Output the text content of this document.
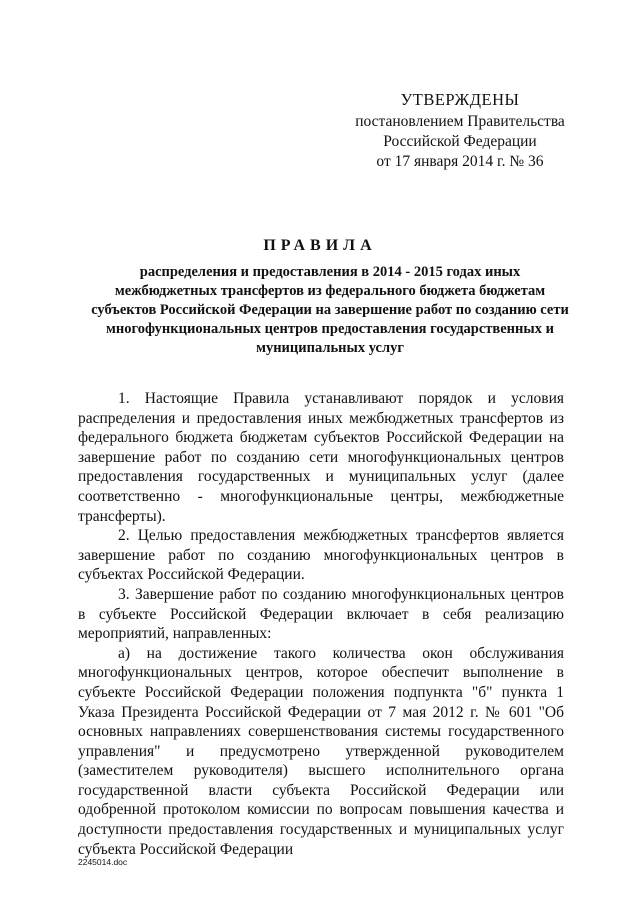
УТВЕРЖДЕНЫ
постановлением Правительства
Российской Федерации
от 17 января 2014 г. № 36
ПРАВИЛА
распределения и предоставления в 2014 - 2015 годах иных межбюджетных трансфертов из федерального бюджета бюджетам субъектов Российской Федерации на завершение работ по созданию сети многофункциональных центров предоставления государственных и муниципальных услуг

1. Настоящие Правила устанавливают порядок и условия распределения и предоставления иных межбюджетных трансфертов из федерального бюджета бюджетам субъектов Российской Федерации на завершение работ по созданию сети многофункциональных центров предоставления государственных и муниципальных услуг (далее соответственно - многофункциональные центры, межбюджетные трансферты).

2. Целью предоставления межбюджетных трансфертов является завершение работ по созданию многофункциональных центров в субъектах Российской Федерации.

3. Завершение работ по созданию многофункциональных центров в субъекте Российской Федерации включает в себя реализацию мероприятий, направленных:

а) на достижение такого количества окон обслуживания многофункциональных центров, которое обеспечит выполнение в субъекте Российской Федерации положения подпункта "б" пункта 1 Указа Президента Российской Федерации от 7 мая 2012 г. № 601 "Об основных направлениях совершенствования системы государственного управления" и предусмотрено утвержденной руководителем (заместителем руководителя) высшего исполнительного органа государственной власти субъекта Российской Федерации или одобренной протоколом комиссии по вопросам повышения качества и доступности предоставления государственных и муниципальных услуг субъекта Российской Федерации

2245014.doc
